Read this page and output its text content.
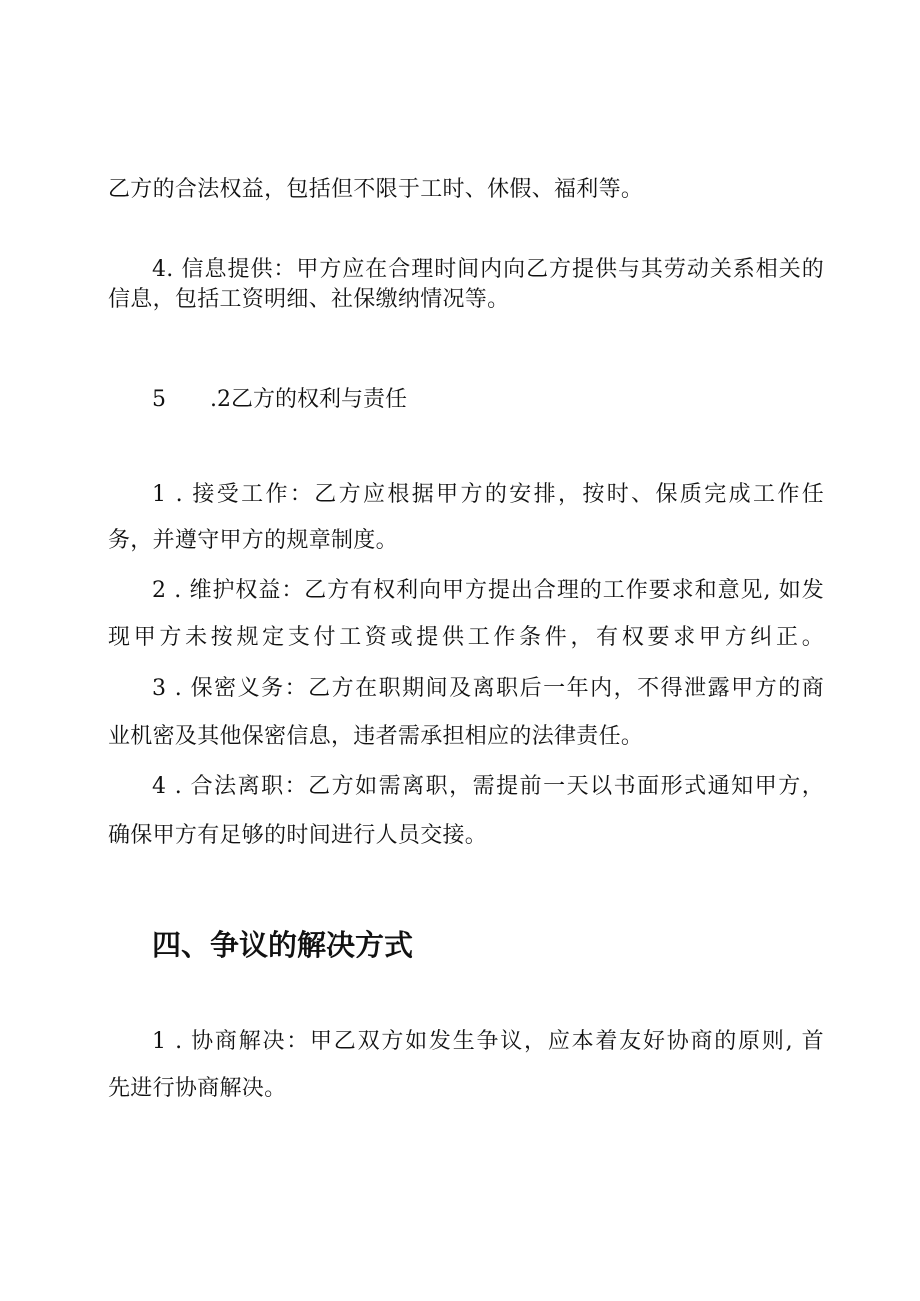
乙方的合法权益，包括但不限于工时、休假、福利等。

4. 信息提供：甲方应在合理时间内向乙方提供与其劳动关系相关的

信息，包括工资明细、社保缴纳情况等。

5 .2乙方的权利与责任

1 . 接受工作：乙方应根据甲方的安排，按时、保质完成工作任

务，并遵守甲方的规章制度。

2 . 维护权益：乙方有权利向甲方提出合理的工作要求和意见, 如发

现甲方未按规定支付工资或提供工作条件，有权要求甲方纠正。

3 . 保密义务：乙方在职期间及离职后一年内，不得泄露甲方的商

业机密及其他保密信息，违者需承担相应的法律责任。

4 . 合法离职：乙方如需离职，需提前一天以书面形式通知甲方，

确保甲方有足够的时间进行人员交接。

四、争议的解决方式

1 . 协商解决：甲乙双方如发生争议，应本着友好协商的原则, 首

先进行协商解决。
